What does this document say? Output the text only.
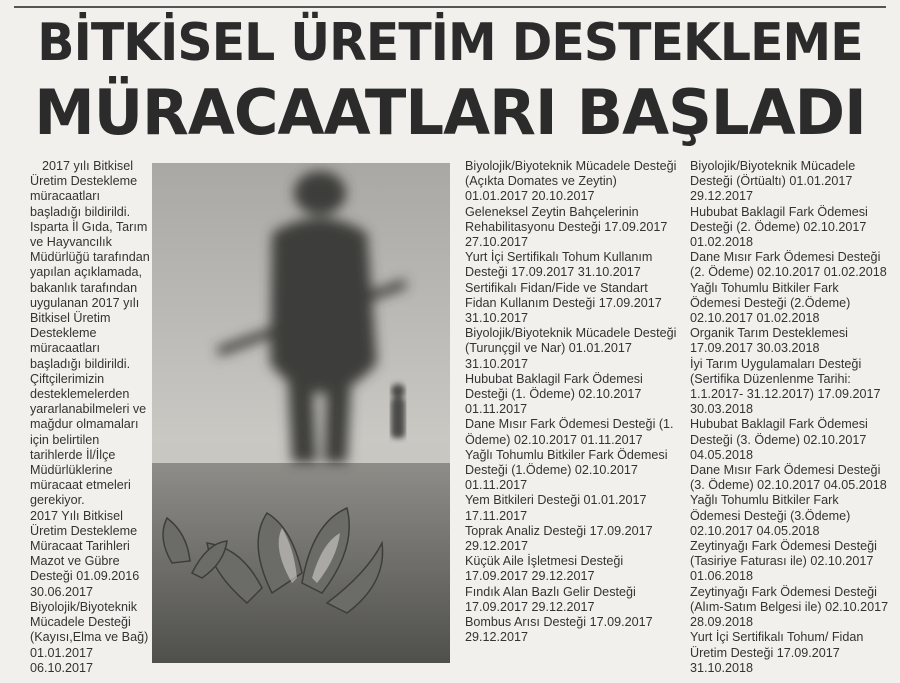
BİTKİSEL ÜRETİM DESTEKLEME
MÜRACAATLARI BAŞLADI

2017 yılı Bitkisel Üretim Destekleme müracaatları başladığı bildirildi.

Isparta İl Gıda, Tarım ve Hayvancılık Müdürlüğü tarafından yapılan açıklamada, bakanlık tarafından uygulanan 2017 yılı Bitkisel Üretim Destekleme müracaatları başladığı bildirildi. Çiftçilerimizin desteklemelerden yararlanabilmeleri ve mağdur olmamaları için belirtilen tarihlerde İl/İlçe Müdürlüklerine müracaat etmeleri gerekiyor.

2017 Yılı Bitkisel Üretim Destekleme Müracaat Tarihleri

Mazot ve Gübre Desteği 01.09.2016 30.06.2017

Biyolojik/Biyoteknik Mücadele Desteği (Kayısı,Elma ve Bağ) 01.01.2017 06.10.2017

Biyolojik/Biyoteknik Mücadele Desteği (Açıkta Domates ve Zeytin) 01.01.2017 20.10.2017

Geleneksel Zeytin Bahçelerinin Rehabilitasyonu Desteği 17.09.2017 27.10.2017

Yurt İçi Sertifikalı Tohum Kullanım Desteği 17.09.2017 31.10.2017

Sertifikalı Fidan/Fide ve Standart Fidan Kullanım Desteği 17.09.2017 31.10.2017

Biyolojik/Biyoteknik Mücadele Desteği (Turunçgil ve Nar) 01.01.2017 31.10.2017

Hububat Baklagil Fark Ödemesi Desteği (1. Ödeme) 02.10.2017 01.11.2017

Dane Mısır Fark Ödemesi Desteği (1. Ödeme) 02.10.2017 01.11.2017

Yağlı Tohumlu Bitkiler Fark Ödemesi Desteği (1.Ödeme) 02.10.2017 01.11.2017

Yem Bitkileri Desteği 01.01.2017 17.11.2017

Toprak Analiz Desteği 17.09.2017 29.12.2017

Küçük Aile İşletmesi Desteği 17.09.2017 29.12.2017

Fındık Alan Bazlı Gelir Desteği 17.09.2017 29.12.2017

Bombus Arısı Desteği 17.09.2017 29.12.2017

Biyolojik/Biyoteknik Mücadele Desteği (Örtüaltı) 01.01.2017 29.12.2017

Hububat Baklagil Fark Ödemesi Desteği (2. Ödeme) 02.10.2017 01.02.2018

Dane Mısır Fark Ödemesi Desteği (2. Ödeme) 02.10.2017 01.02.2018

Yağlı Tohumlu Bitkiler Fark Ödemesi Desteği (2.Ödeme) 02.10.2017 01.02.2018

Organik Tarım Desteklemesi 17.09.2017 30.03.2018

İyi Tarım Uygulamaları Desteği (Sertifika Düzenlenme Tarihi: 1.1.2017- 31.12.2017) 17.09.2017 30.03.2018

Hububat Baklagil Fark Ödemesi Desteği (3. Ödeme) 02.10.2017 04.05.2018

Dane Mısır Fark Ödemesi Desteği (3. Ödeme) 02.10.2017 04.05.2018

Yağlı Tohumlu Bitkiler Fark Ödemesi Desteği (3.Ödeme) 02.10.2017 04.05.2018

Zeytinyağı Fark Ödemesi Desteği (Tasiriye Faturası ile) 02.10.2017 01.06.2018

Zeytinyağı Fark Ödemesi Desteği (Alım-Satım Belgesi ile) 02.10.2017 28.09.2018

Yurt İçi Sertifikalı Tohum/ Fidan Üretim Desteği 17.09.2017 31.10.2018
